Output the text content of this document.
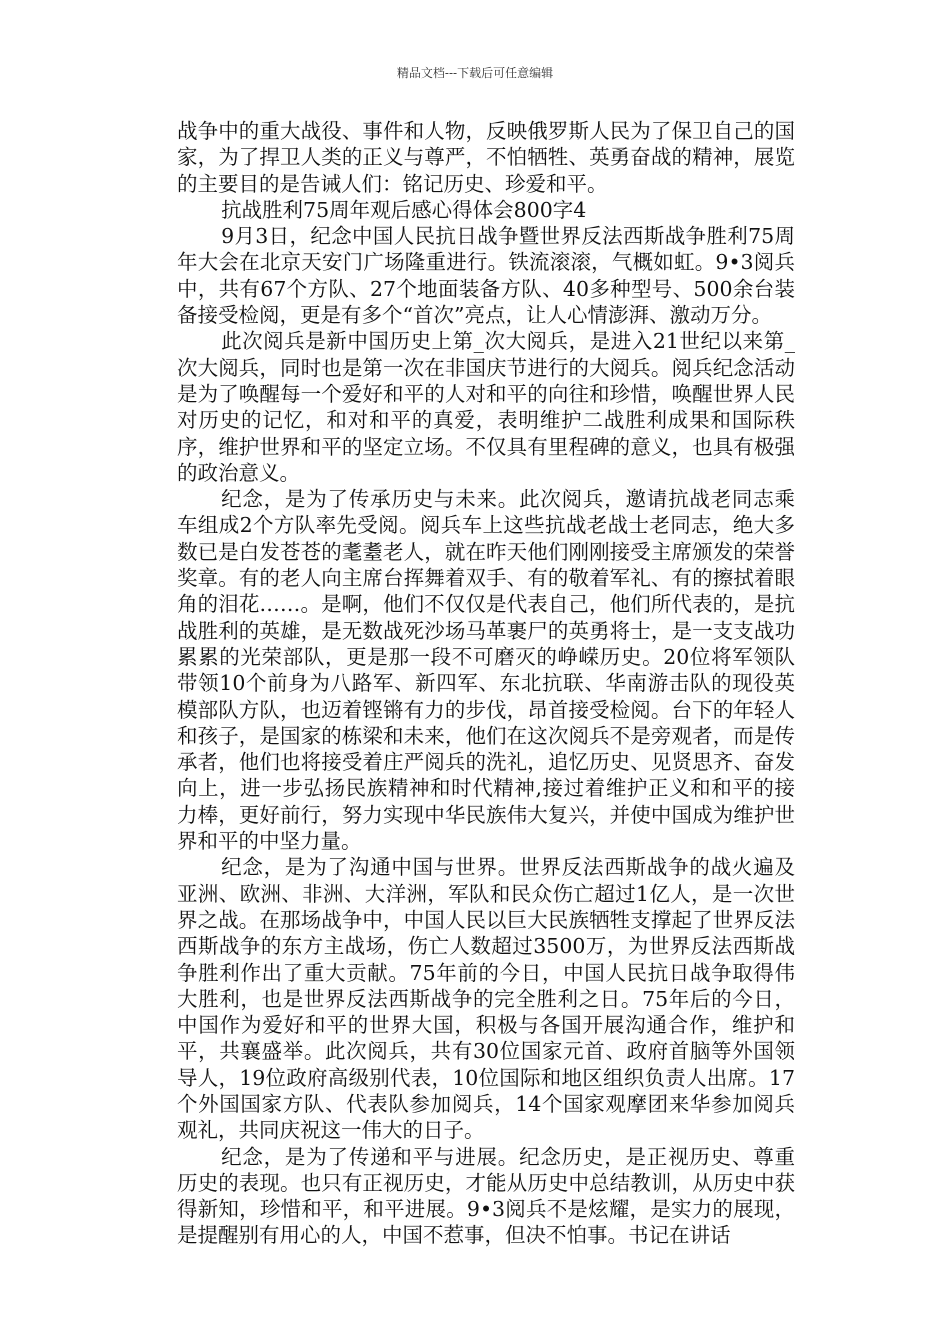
精品文档---下载后可任意编辑

战争中的重大战役、事件和人物，反映俄罗斯人民为了保卫自己的国家，为了捍卫人类的正义与尊严，不怕牺牲、英勇奋战的精神，展览的主要目的是告诫人们：铭记历史、珍爱和平。

抗战胜利75周年观后感心得体会800字4

9月3日，纪念中国人民抗日战争暨世界反法西斯战争胜利75周年大会在北京天安门广场隆重进行。铁流滚滚，气概如虹。9•3阅兵中，共有67个方队、27个地面装备方队、40多种型号、500余台装备接受检阅，更是有多个“首次”亮点，让人心情澎湃、激动万分。

此次阅兵是新中国历史上第_次大阅兵，是进入21世纪以来第_次大阅兵，同时也是第一次在非国庆节进行的大阅兵。阅兵纪念活动是为了唤醒每一个爱好和平的人对和平的向往和珍惜，唤醒世界人民对历史的记忆，和对和平的真爱，表明维护二战胜利成果和国际秩序，维护世界和平的坚定立场。不仅具有里程碑的意义，也具有极强的政治意义。

纪念，是为了传承历史与未来。此次阅兵，邀请抗战老同志乘车组成2个方队率先受阅。阅兵车上这些抗战老战士老同志，绝大多数已是白发苍苍的耄耋老人，就在昨天他们刚刚接受主席颁发的荣誉奖章。有的老人向主席台挥舞着双手、有的敬着军礼、有的擦拭着眼角的泪花……。是啊，他们不仅仅是代表自己，他们所代表的，是抗战胜利的英雄，是无数战死沙场马革裹尸的英勇将士，是一支支战功累累的光荣部队，更是那一段不可磨灭的峥嵘历史。20位将军领队带领10个前身为八路军、新四军、东北抗联、华南游击队的现役英模部队方队，也迈着铿锵有力的步伐，昂首接受检阅。台下的年轻人和孩子，是国家的栋梁和未来，他们在这次阅兵不是旁观者，而是传承者，他们也将接受着庄严阅兵的洗礼，追忆历史、见贤思齐、奋发向上，进一步弘扬民族精神和时代精神,接过着维护正义和和平的接力棒，更好前行，努力实现中华民族伟大复兴，并使中国成为维护世界和平的中坚力量。

纪念，是为了沟通中国与世界。世界反法西斯战争的战火遍及亚洲、欧洲、非洲、大洋洲，军队和民众伤亡超过1亿人，是一次世界之战。在那场战争中，中国人民以巨大民族牺牲支撑起了世界反法西斯战争的东方主战场，伤亡人数超过3500万，为世界反法西斯战争胜利作出了重大贡献。75年前的今日，中国人民抗日战争取得伟大胜利，也是世界反法西斯战争的完全胜利之日。75年后的今日，中国作为爱好和平的世界大国，积极与各国开展沟通合作，维护和平，共襄盛举。此次阅兵，共有30位国家元首、政府首脑等外国领导人，19位政府高级别代表，10位国际和地区组织负责人出席。17个外国国家方队、代表队参加阅兵，14个国家观摩团来华参加阅兵观礼，共同庆祝这一伟大的日子。

纪念，是为了传递和平与进展。纪念历史，是正视历史、尊重历史的表现。也只有正视历史，才能从历史中总结教训，从历史中获得新知，珍惜和平，和平进展。9•3阅兵不是炫耀，是实力的展现，是提醒别有用心的人，中国不惹事，但决不怕事。书记在讲话
